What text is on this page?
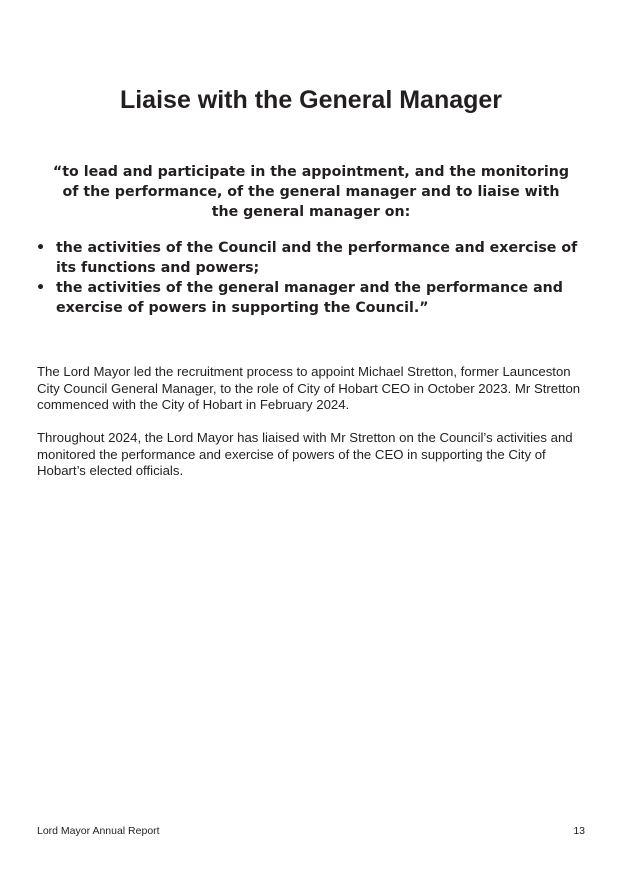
Liaise with the General Manager

“to lead and participate in the appointment, and the monitoring of the performance, of the general manager and to liaise with the general manager on:

• the activities of the Council and the performance and exercise of its functions and powers;
• the activities of the general manager and the performance and exercise of powers in supporting the Council.”

The Lord Mayor led the recruitment process to appoint Michael Stretton, former Launceston City Council General Manager, to the role of City of Hobart CEO in October 2023. Mr Stretton commenced with the City of Hobart in February 2024.

Throughout 2024, the Lord Mayor has liaised with Mr Stretton on the Council’s activities and monitored the performance and exercise of powers of the CEO in supporting the City of Hobart’s elected officials.

Lord Mayor Annual Report	13
